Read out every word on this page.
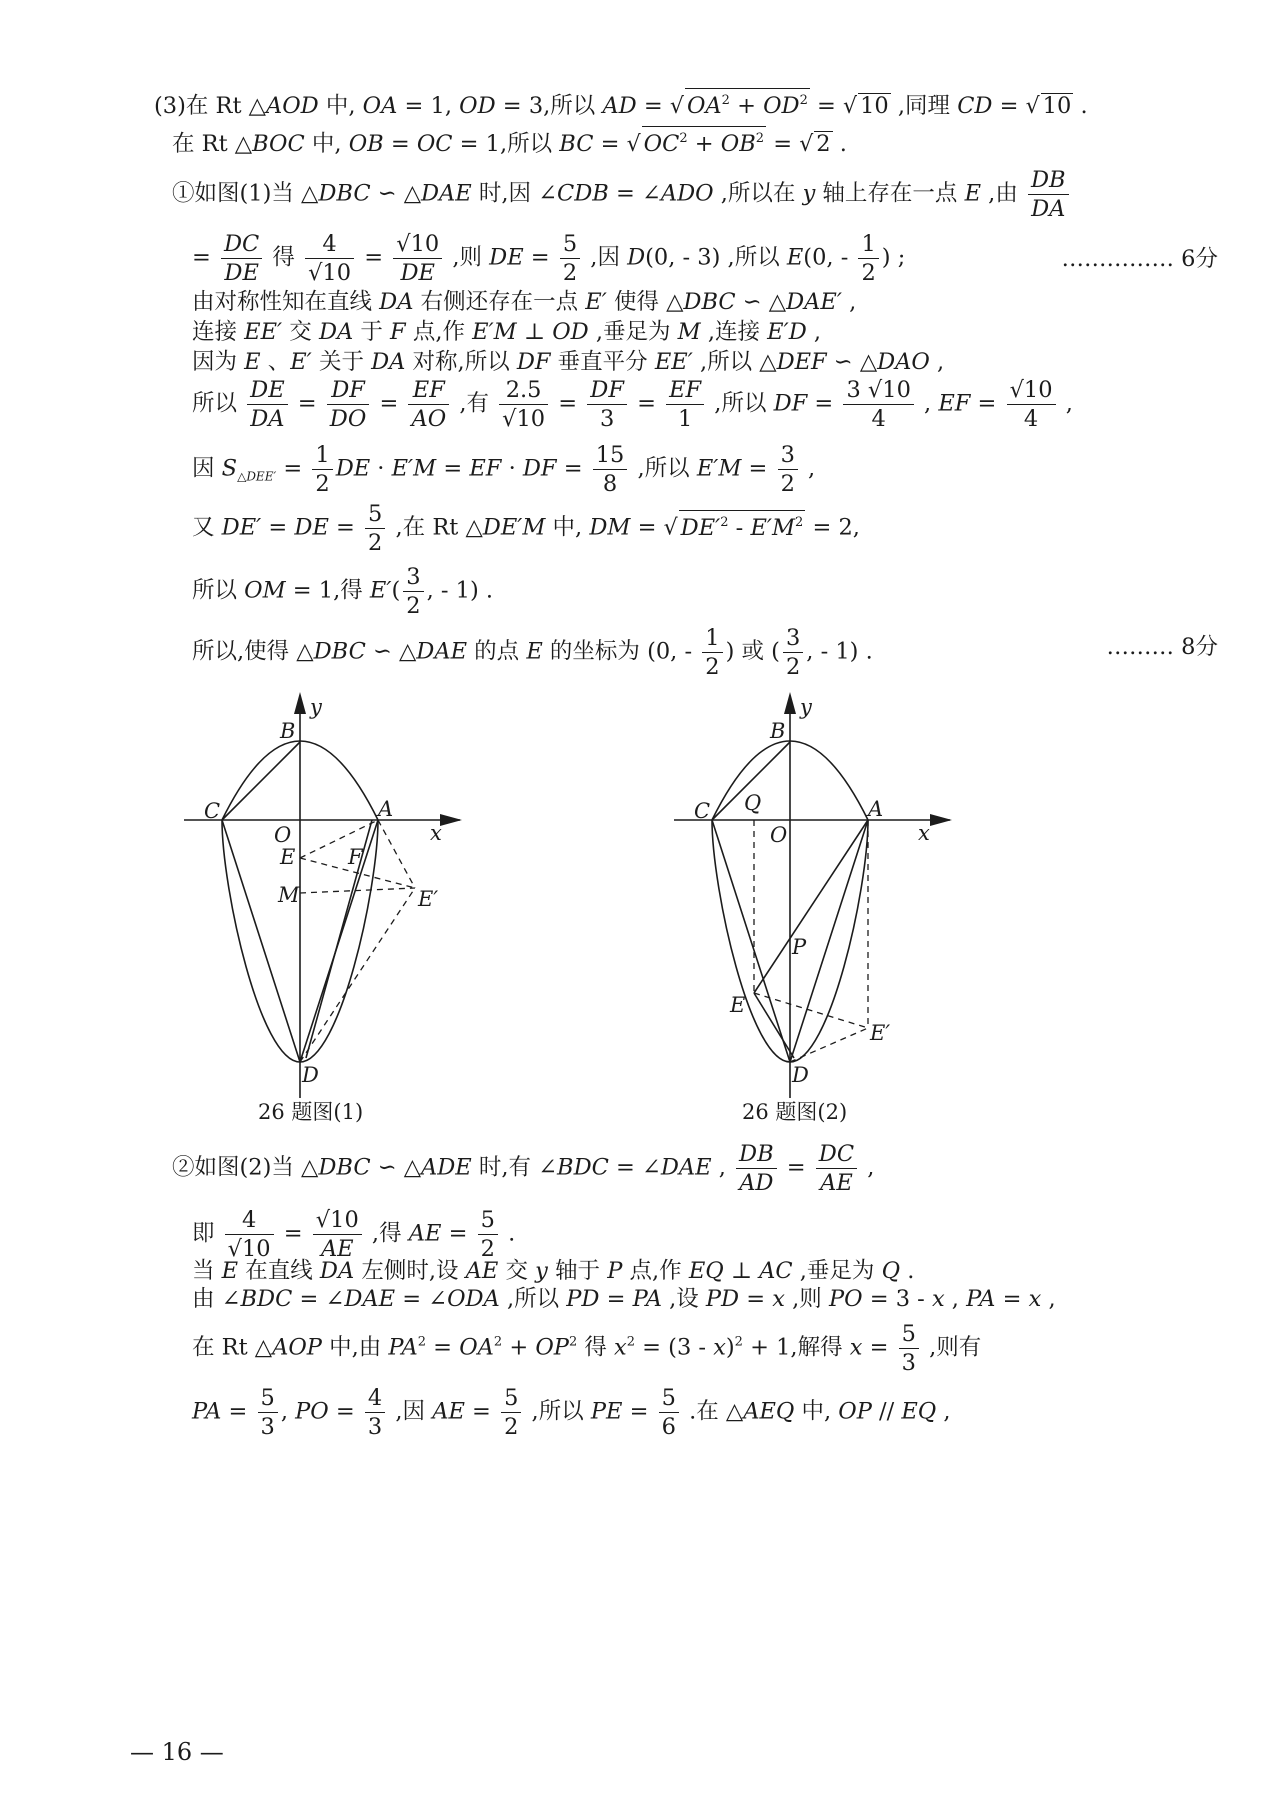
(3)在 Rt △AOD 中, OA = 1, OD = 3,所以 AD = √ $OA^2 + OD^2$ = √ 10 ,同理 CD = √ 10 .
在 Rt △BOC 中, OB = OC = 1,所以 BC = √ $OC^2 + OB^2$ = √ 2 .
①如图(1)当 △DBC ∽ △DAE 时,因 ∠CDB = ∠ADO ,所以在 y 轴上存在一点 E ,由 $\frac{DB}{DA}$
= $\frac{DC}{DE}$ 得 $\frac{4}{√10} = \frac{√10}{DE}$ ,则 DE = $\frac{5}{2}$ ,因 D(0, - 3) ,所以 E(0, - $\frac{1}{2}$ ) ;	…………… 6分
由对称性知在直线 DA 右侧还存在一点 E′ 使得 △DBC ∽ △DAE′ ,
连接 EE′ 交 DA 于 F 点,作 E′M ⊥ OD ,垂足为 M ,连接 E′D ,
因为 E 、E′ 关于 DA 对称,所以 DF 垂直平分 EE′ ,所以 △DEF ∽ △DAO ,
所以 $\frac{DE}{DA} = \frac{DF}{DO} = \frac{EF}{AO}$ ,有 $\frac{2.5}{√10} = \frac{DF}{3} = \frac{EF}{1}$ ,所以 DF = $\frac{3 √10}{4}$ , EF = $\frac{√10}{4}$ ,
因 $S_{\triangle DEE'} = \frac{1}{2}$ DE · E′M = EF · DF = $\frac{15}{8}$ ,所以 $E'M = \frac{3}{2}$ ,
又 DE′ = DE = $\frac{5}{2}$ ,在 Rt △DE′M 中, DM = √ $DE'^2 - E'M^2 = 2$,
所以 OM = 1,得 $E'( \frac{3}{2}$ , - 1) .
所以,使得 △DBC ∽ △DAE 的点 E 的坐标为 (0, - $\frac{1}{2}$ ) 或 ( $\frac{3}{2}$ , - 1) .	……… 8分
y
x
B
C	A
O
E	F
M	E′
D
26 题图(1)
y
x
B
C Q
O
A
P
E
E′
D
26 题图(2)
②如图(2)当 △DBC ∽ △ADE 时,有 ∠BDC = ∠DAE , $\frac{DB}{AD} = \frac{DC}{AE}$ ,
即 $\frac{4}{√10} = \frac{√10}{AE}$ ,得 AE = $\frac{5}{2}$ .
当 E 在直线 DA 左侧时,设 AE 交 y 轴于 P 点,作 EQ ⊥ AC ,垂足为 Q .
由 ∠BDC = ∠DAE = ∠ODA ,所以 PD = PA ,设 PD = x ,则 PO = 3 - x , PA = x ,
在 Rt △AOP 中,由 $PA^2 = OA^2 + OP^2$ 得 $x^2 = (3 - x)^2 + 1$,解得 $x = \frac{5}{3}$ ,则有
PA = $\frac{5}{3}$ , PO = $\frac{4}{3}$ ,因 AE = $\frac{5}{2}$ ,所以 PE = $\frac{5}{6}$ .在 △AEQ 中, OP // EQ ,
— 16 —
